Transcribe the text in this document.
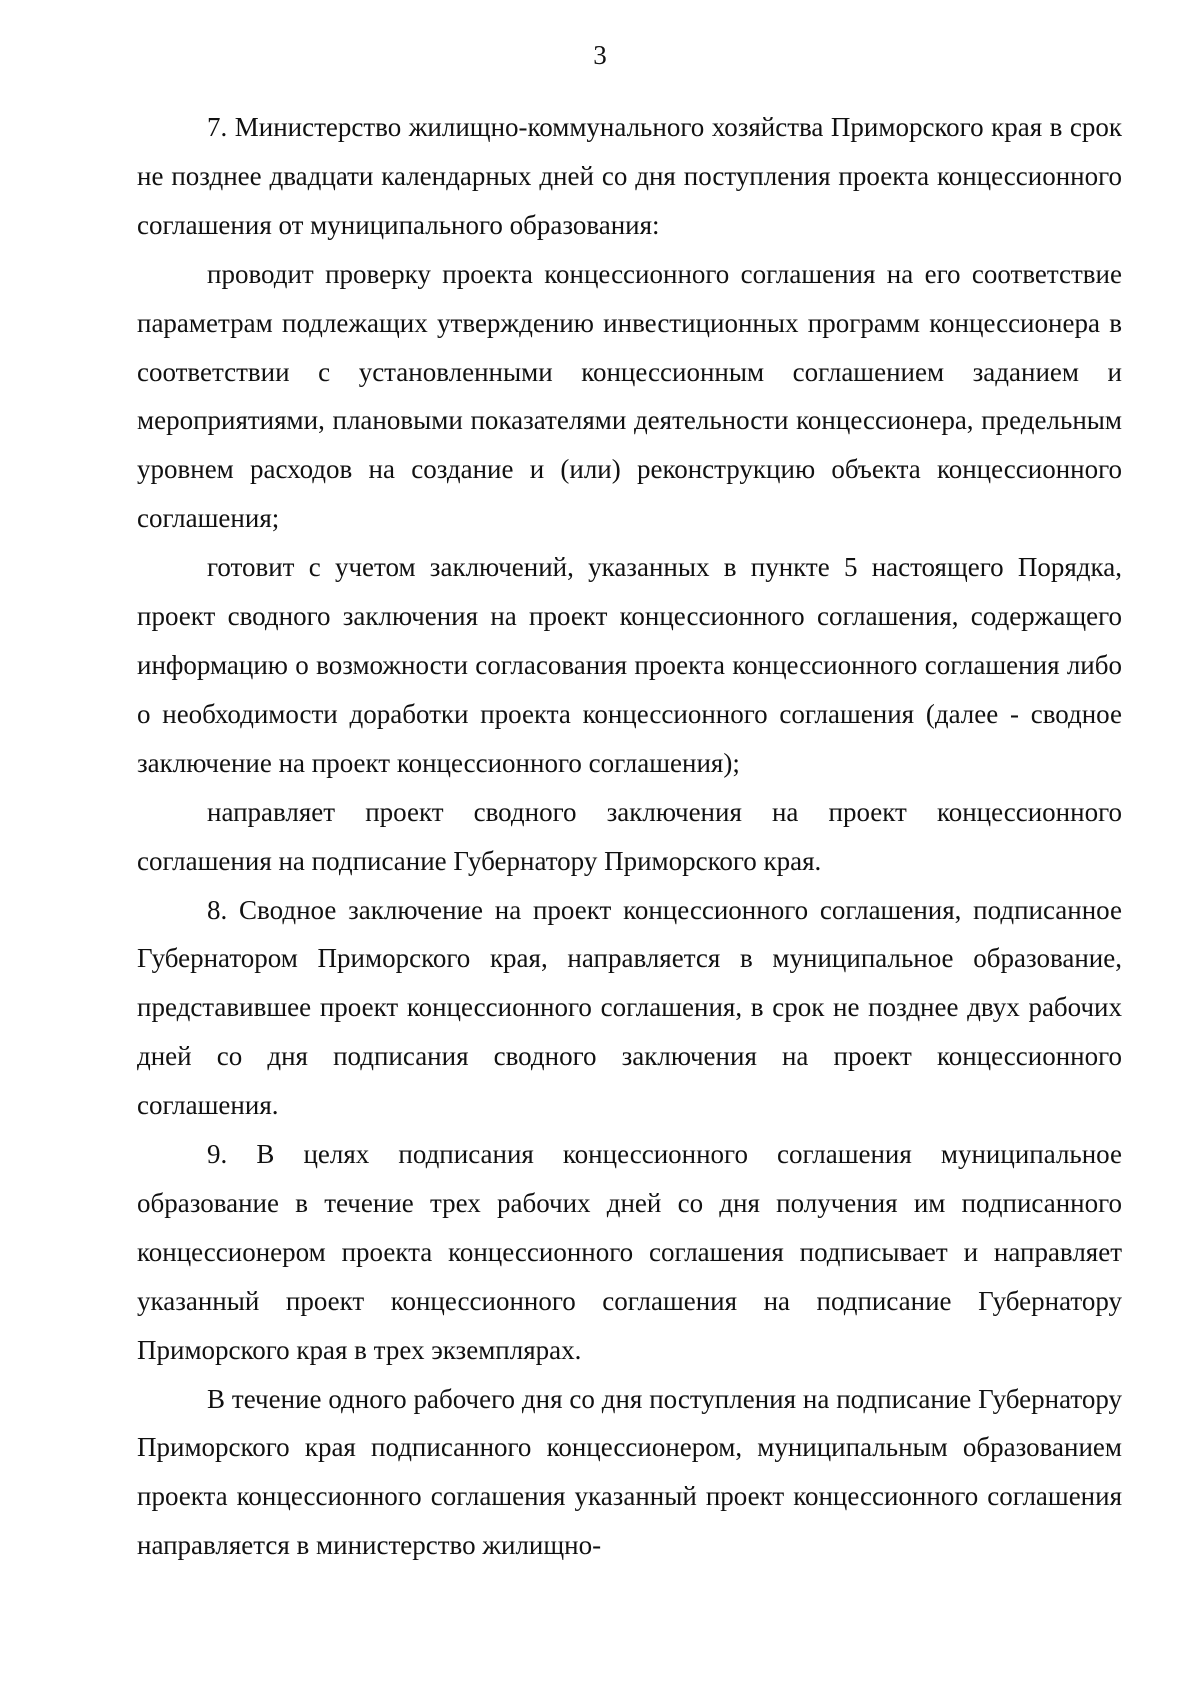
3

7. Министерство жилищно-коммунального хозяйства Приморского края в срок не позднее двадцати календарных дней со дня поступления проекта концессионного соглашения от муниципального образования:

проводит проверку проекта концессионного соглашения на его соответствие параметрам подлежащих утверждению инвестиционных программ концессионера в соответствии с установленными концессионным соглашением заданием и мероприятиями, плановыми показателями деятельности концессионера, предельным уровнем расходов на создание и (или) реконструкцию объекта концессионного соглашения;

готовит с учетом заключений, указанных в пункте 5 настоящего Порядка, проект сводного заключения на проект концессионного соглашения, содержащего информацию о возможности согласования проекта концессионного соглашения либо о необходимости доработки проекта концессионного соглашения (далее - сводное заключение на проект концессионного соглашения);

направляет проект сводного заключения на проект концессионного соглашения на подписание Губернатору Приморского края.

8. Сводное заключение на проект концессионного соглашения, подписанное Губернатором Приморского края, направляется в муниципальное образование, представившее проект концессионного соглашения, в срок не позднее двух рабочих дней со дня подписания сводного заключения на проект концессионного соглашения.

9. В целях подписания концессионного соглашения муниципальное образование в течение трех рабочих дней со дня получения им подписанного концессионером проекта концессионного соглашения подписывает и направляет указанный проект концессионного соглашения на подписание Губернатору Приморского края в трех экземплярах.

В течение одного рабочего дня со дня поступления на подписание Губернатору Приморского края подписанного концессионером, муниципальным образованием проекта концессионного соглашения указанный проект концессионного соглашения направляется в министерство жилищно-
